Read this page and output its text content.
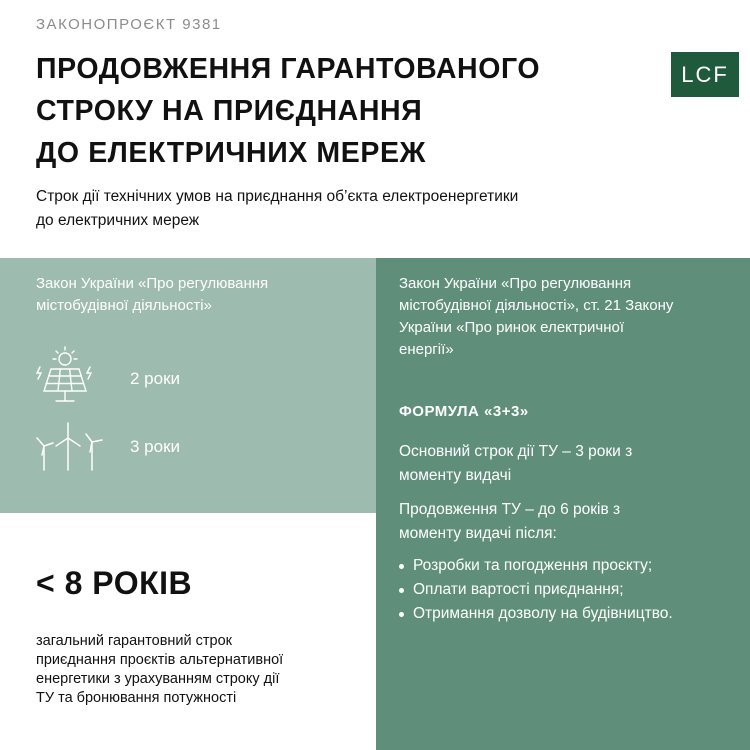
ЗАКОНОПРОЄКТ 9381
LCF
ПРОДОВЖЕННЯ ГАРАНТОВАНОГО
СТРОКУ НА ПРИЄДНАННЯ
ДО ЕЛЕКТРИЧНИХ МЕРЕЖ
Строк дії технічних умов на приєднання об’єкта електроенергетики
до електричних мереж
Закон України «Про регулювання
містобудівної діяльності»
2 роки
3 роки
< 8 РОКІВ
загальний гарантовний строк
приєднання проєктів альтернативної
енергетики з урахуванням строку дії
ТУ та бронювання потужності
Закон України «Про регулювання
містобудівної діяльності», ст. 21 Закону
України «Про ринок електричної
енергії»
ФОРМУЛА «3+3»
Основний строк дії ТУ – 3 роки з
моменту видачі
Продовження ТУ – до 6 років з
моменту видачі після:
Розробки та погодження проєкту;
Оплати вартості приєднання;
Отримання дозволу на будівництво.
